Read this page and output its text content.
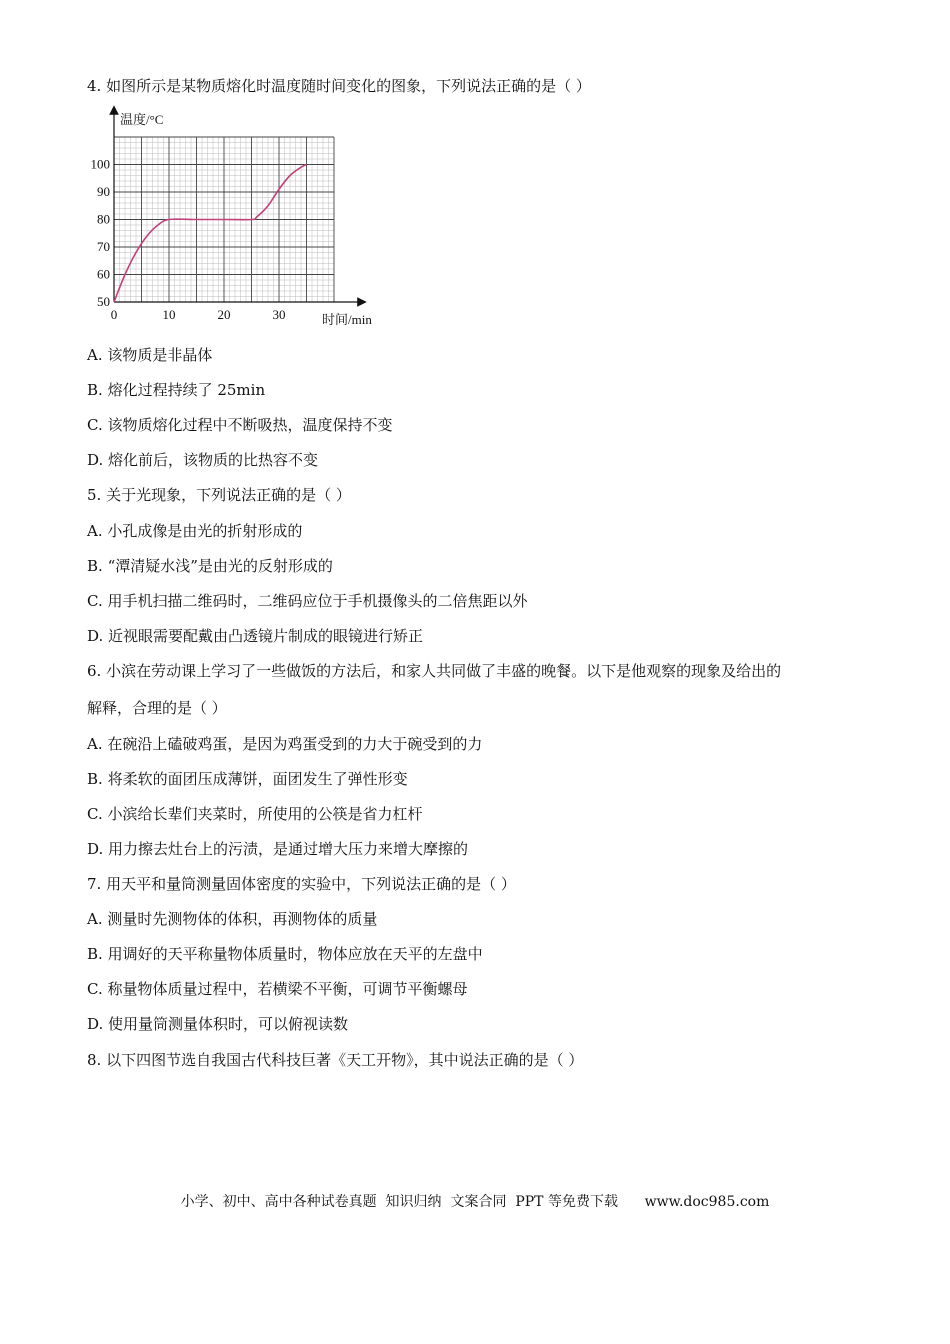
4. 如图所示是某物质熔化时温度随时间变化的图象，下列说法正确的是（ ）
温度/°C
时间/min
50
60
70
80
90
100
0	10	20	30
A. 该物质是非晶体
B. 熔化过程持续了 25min
C. 该物质熔化过程中不断吸热，温度保持不变
D. 熔化前后，该物质的比热容不变
5. 关于光现象，下列说法正确的是（ ）
A. 小孔成像是由光的折射形成的
B. “潭清疑水浅”是由光的反射形成的
C. 用手机扫描二维码时，二维码应位于手机摄像头的二倍焦距以外
D. 近视眼需要配戴由凸透镜片制成的眼镜进行矫正
6. 小滨在劳动课上学习了一些做饭的方法后，和家人共同做了丰盛的晚餐。以下是他观察的现象及给出的
解释，合理的是（ ）
A. 在碗沿上磕破鸡蛋，是因为鸡蛋受到的力大于碗受到的力
B. 将柔软的面团压成薄饼，面团发生了弹性形变
C. 小滨给长辈们夹菜时，所使用的公筷是省力杠杆
D. 用力擦去灶台上的污渍，是通过增大压力来增大摩擦的
7. 用天平和量筒测量固体密度的实验中，下列说法正确的是（ ）
A. 测量时先测物体的体积，再测物体的质量
B. 用调好的天平称量物体质量时，物体应放在天平的左盘中
C. 称量物体质量过程中，若横梁不平衡，可调节平衡螺母
D. 使用量筒测量体积时，可以俯视读数
8. 以下四图节选自我国古代科技巨著《天工开物》，其中说法正确的是（ ）
小学、初中、高中各种试卷真题  知识归纳  文案合同  PPT 等免费下载 www.doc985.com
